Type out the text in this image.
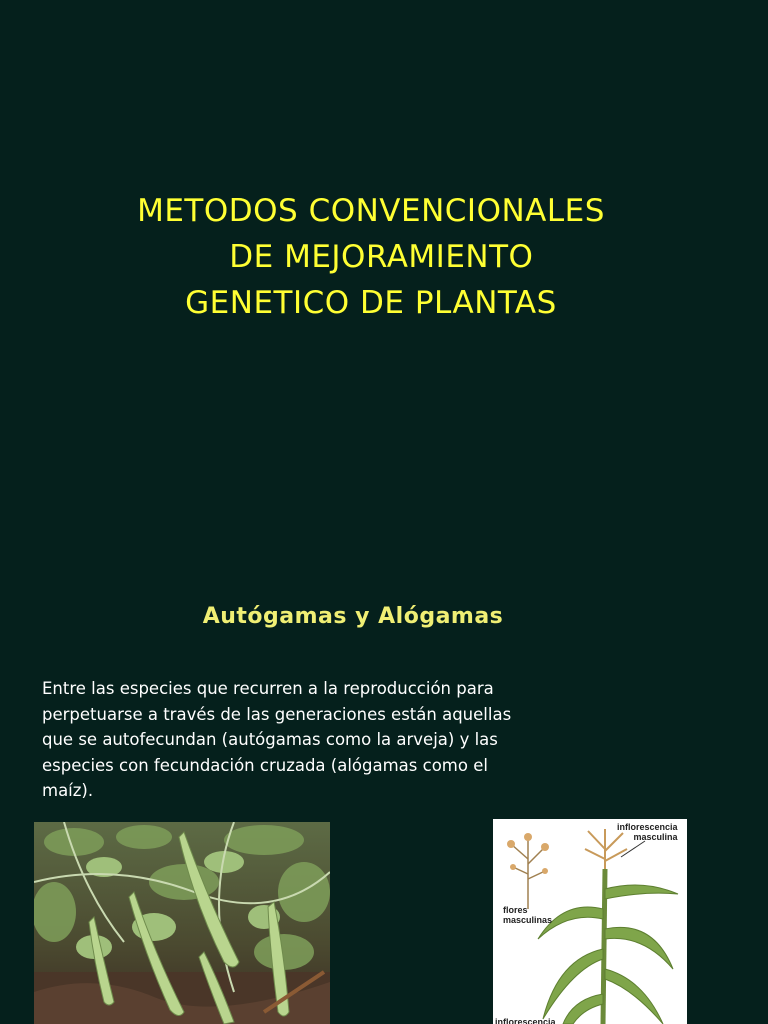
METODOS CONVENCIONALES
DE MEJORAMIENTO
GENETICO DE PLANTAS
Autógamas y Alógamas
Entre las especies que recurren a la reproducción para perpetuarse a través de las generaciones están aquellas que se autofecundan (autógamas como la arveja) y las especies con fecundación cruzada (alógamas como el maíz).
inflorescencia
masculina
flores
masculinas
inflorescencia
